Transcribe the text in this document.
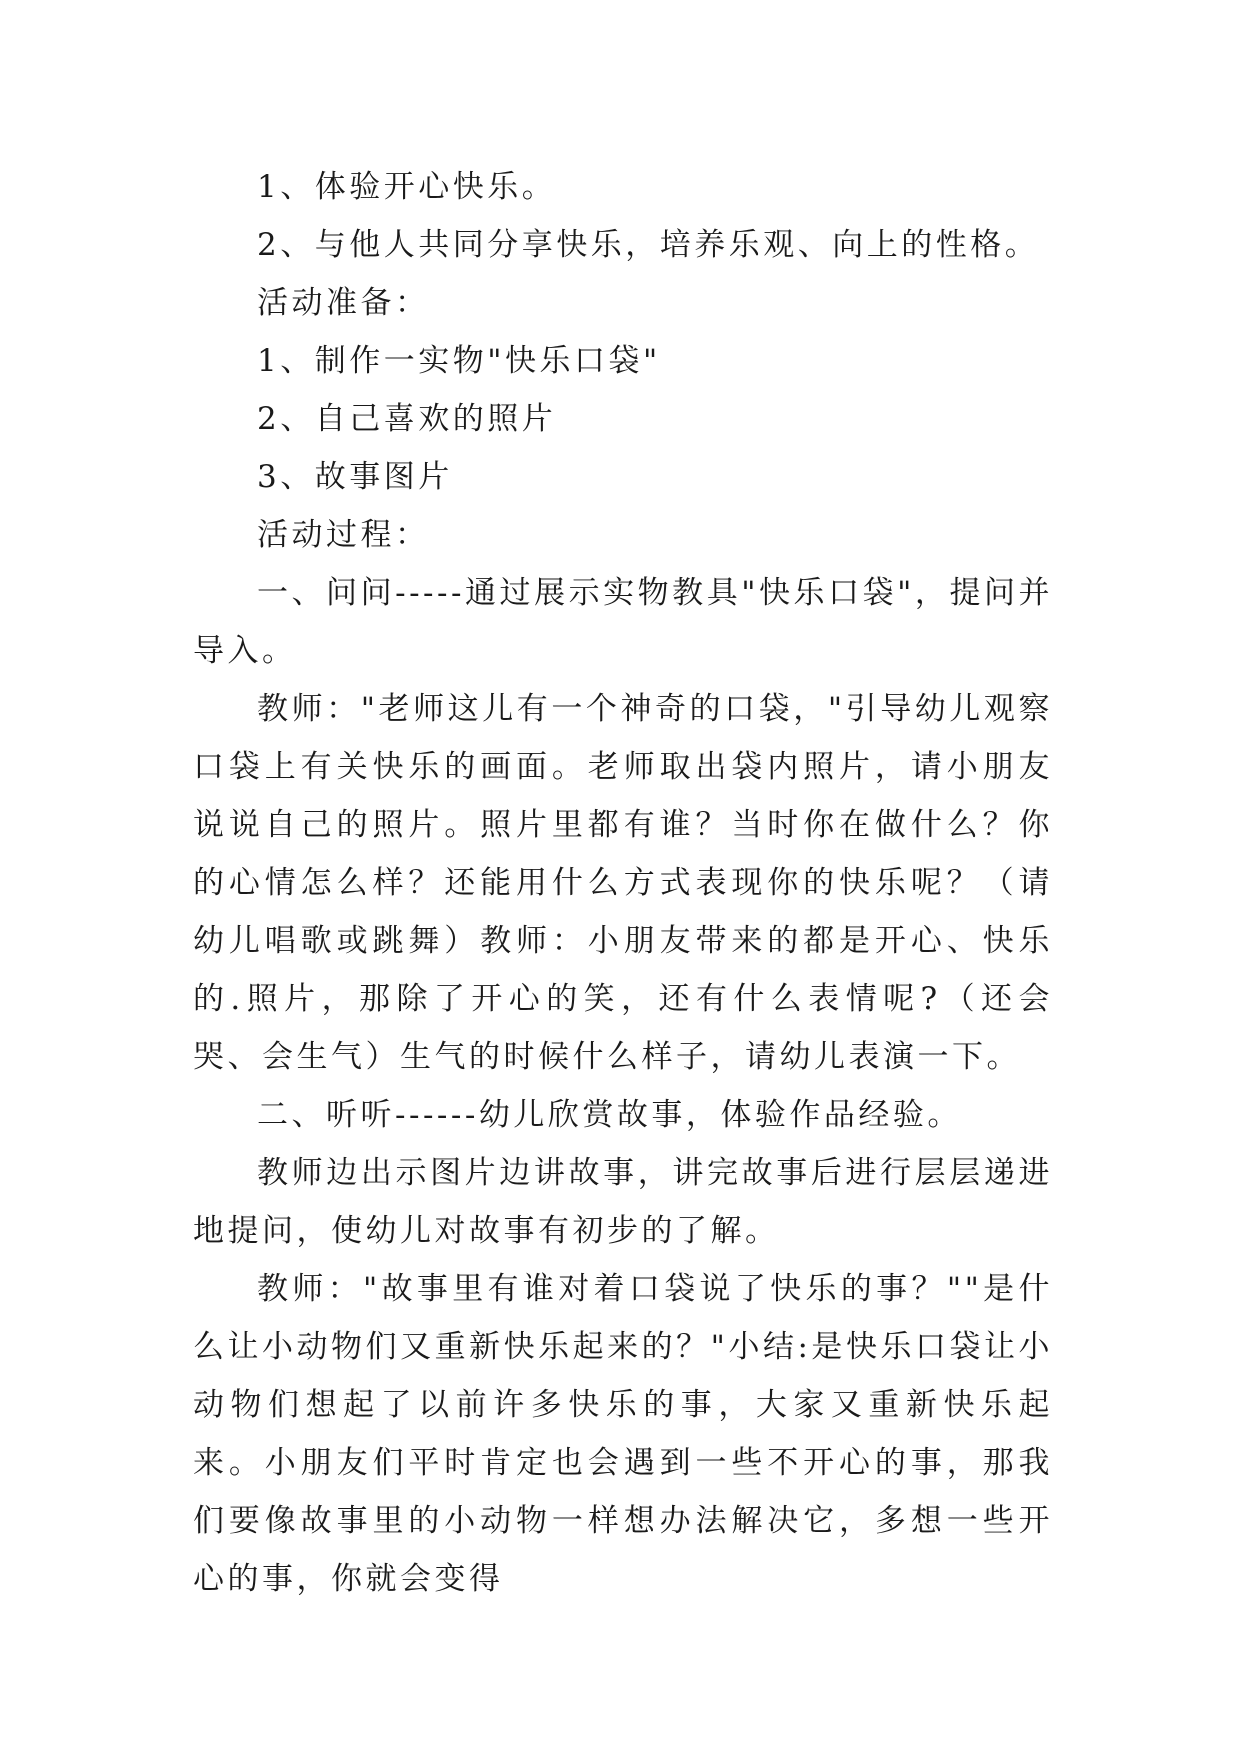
1、体验开心快乐。

2、与他人共同分享快乐，培养乐观、向上的性格。

活动准备：

1、制作一实物"快乐口袋"

2、自己喜欢的照片

3、故事图片

活动过程：

一、问问-----通过展示实物教具"快乐口袋"，提问并导入。

教师："老师这儿有一个神奇的口袋，"引导幼儿观察口袋上有关快乐的画面。老师取出袋内照片，请小朋友说说自己的照片。照片里都有谁？当时你在做什么？你的心情怎么样？还能用什么方式表现你的快乐呢？（请幼儿唱歌或跳舞）教师：小朋友带来的都是开心、快乐的.照片，那除了开心的笑，还有什么表情呢?（还会哭、会生气）生气的时候什么样子，请幼儿表演一下。

二、听听------幼儿欣赏故事，体验作品经验。

教师边出示图片边讲故事，讲完故事后进行层层递进地提问，使幼儿对故事有初步的了解。

教师："故事里有谁对着口袋说了快乐的事？""是什么让小动物们又重新快乐起来的？"小结:是快乐口袋让小动物们想起了以前许多快乐的事，大家又重新快乐起来。小朋友们平时肯定也会遇到一些不开心的事，那我们要像故事里的小动物一样想办法解决它，多想一些开心的事，你就会变得
